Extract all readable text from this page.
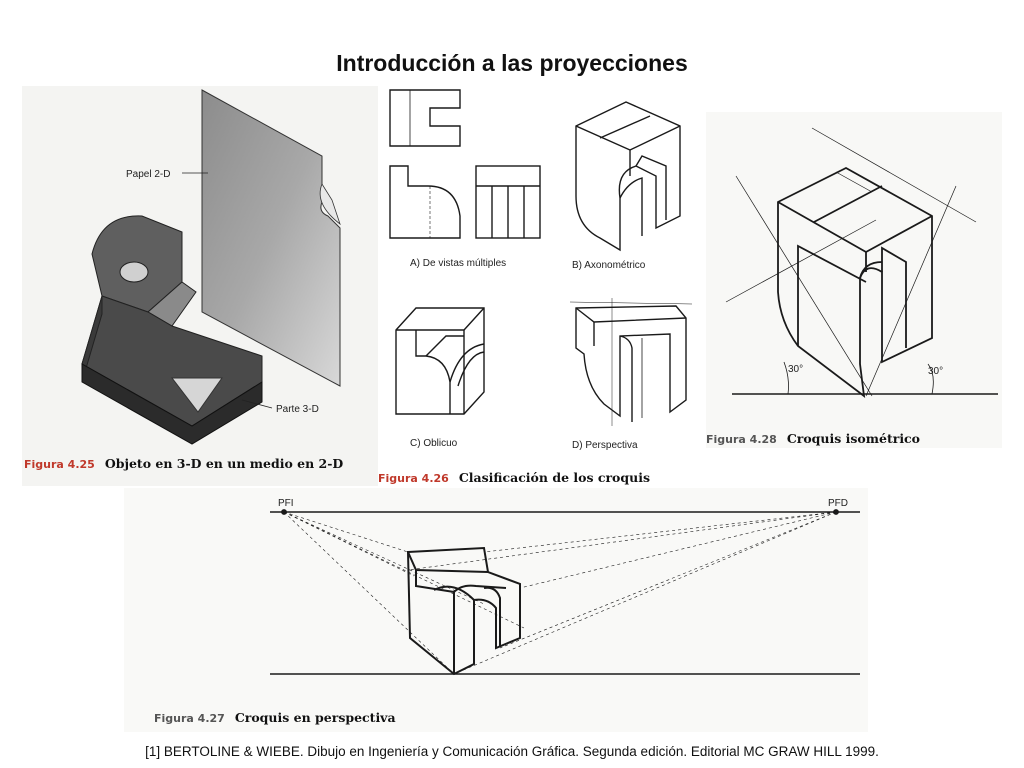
Introducción a las proyecciones
Papel 2-D
Parte 3-D
Figura 4.25 Objeto en 3-D en un medio en 2-D
A) De vistas múltiples	B) Axonométrico
C) Oblicuo	D) Perspectiva
Figura 4.26 Clasificación de los croquis
30°	30°
Figura 4.28 Croquis isométrico
PFI	PFD
Figura 4.27 Croquis en perspectiva
[1] BERTOLINE & WIEBE. Dibujo en Ingeniería y Comunicación Gráfica. Segunda edición. Editorial MC GRAW HILL 1999.
